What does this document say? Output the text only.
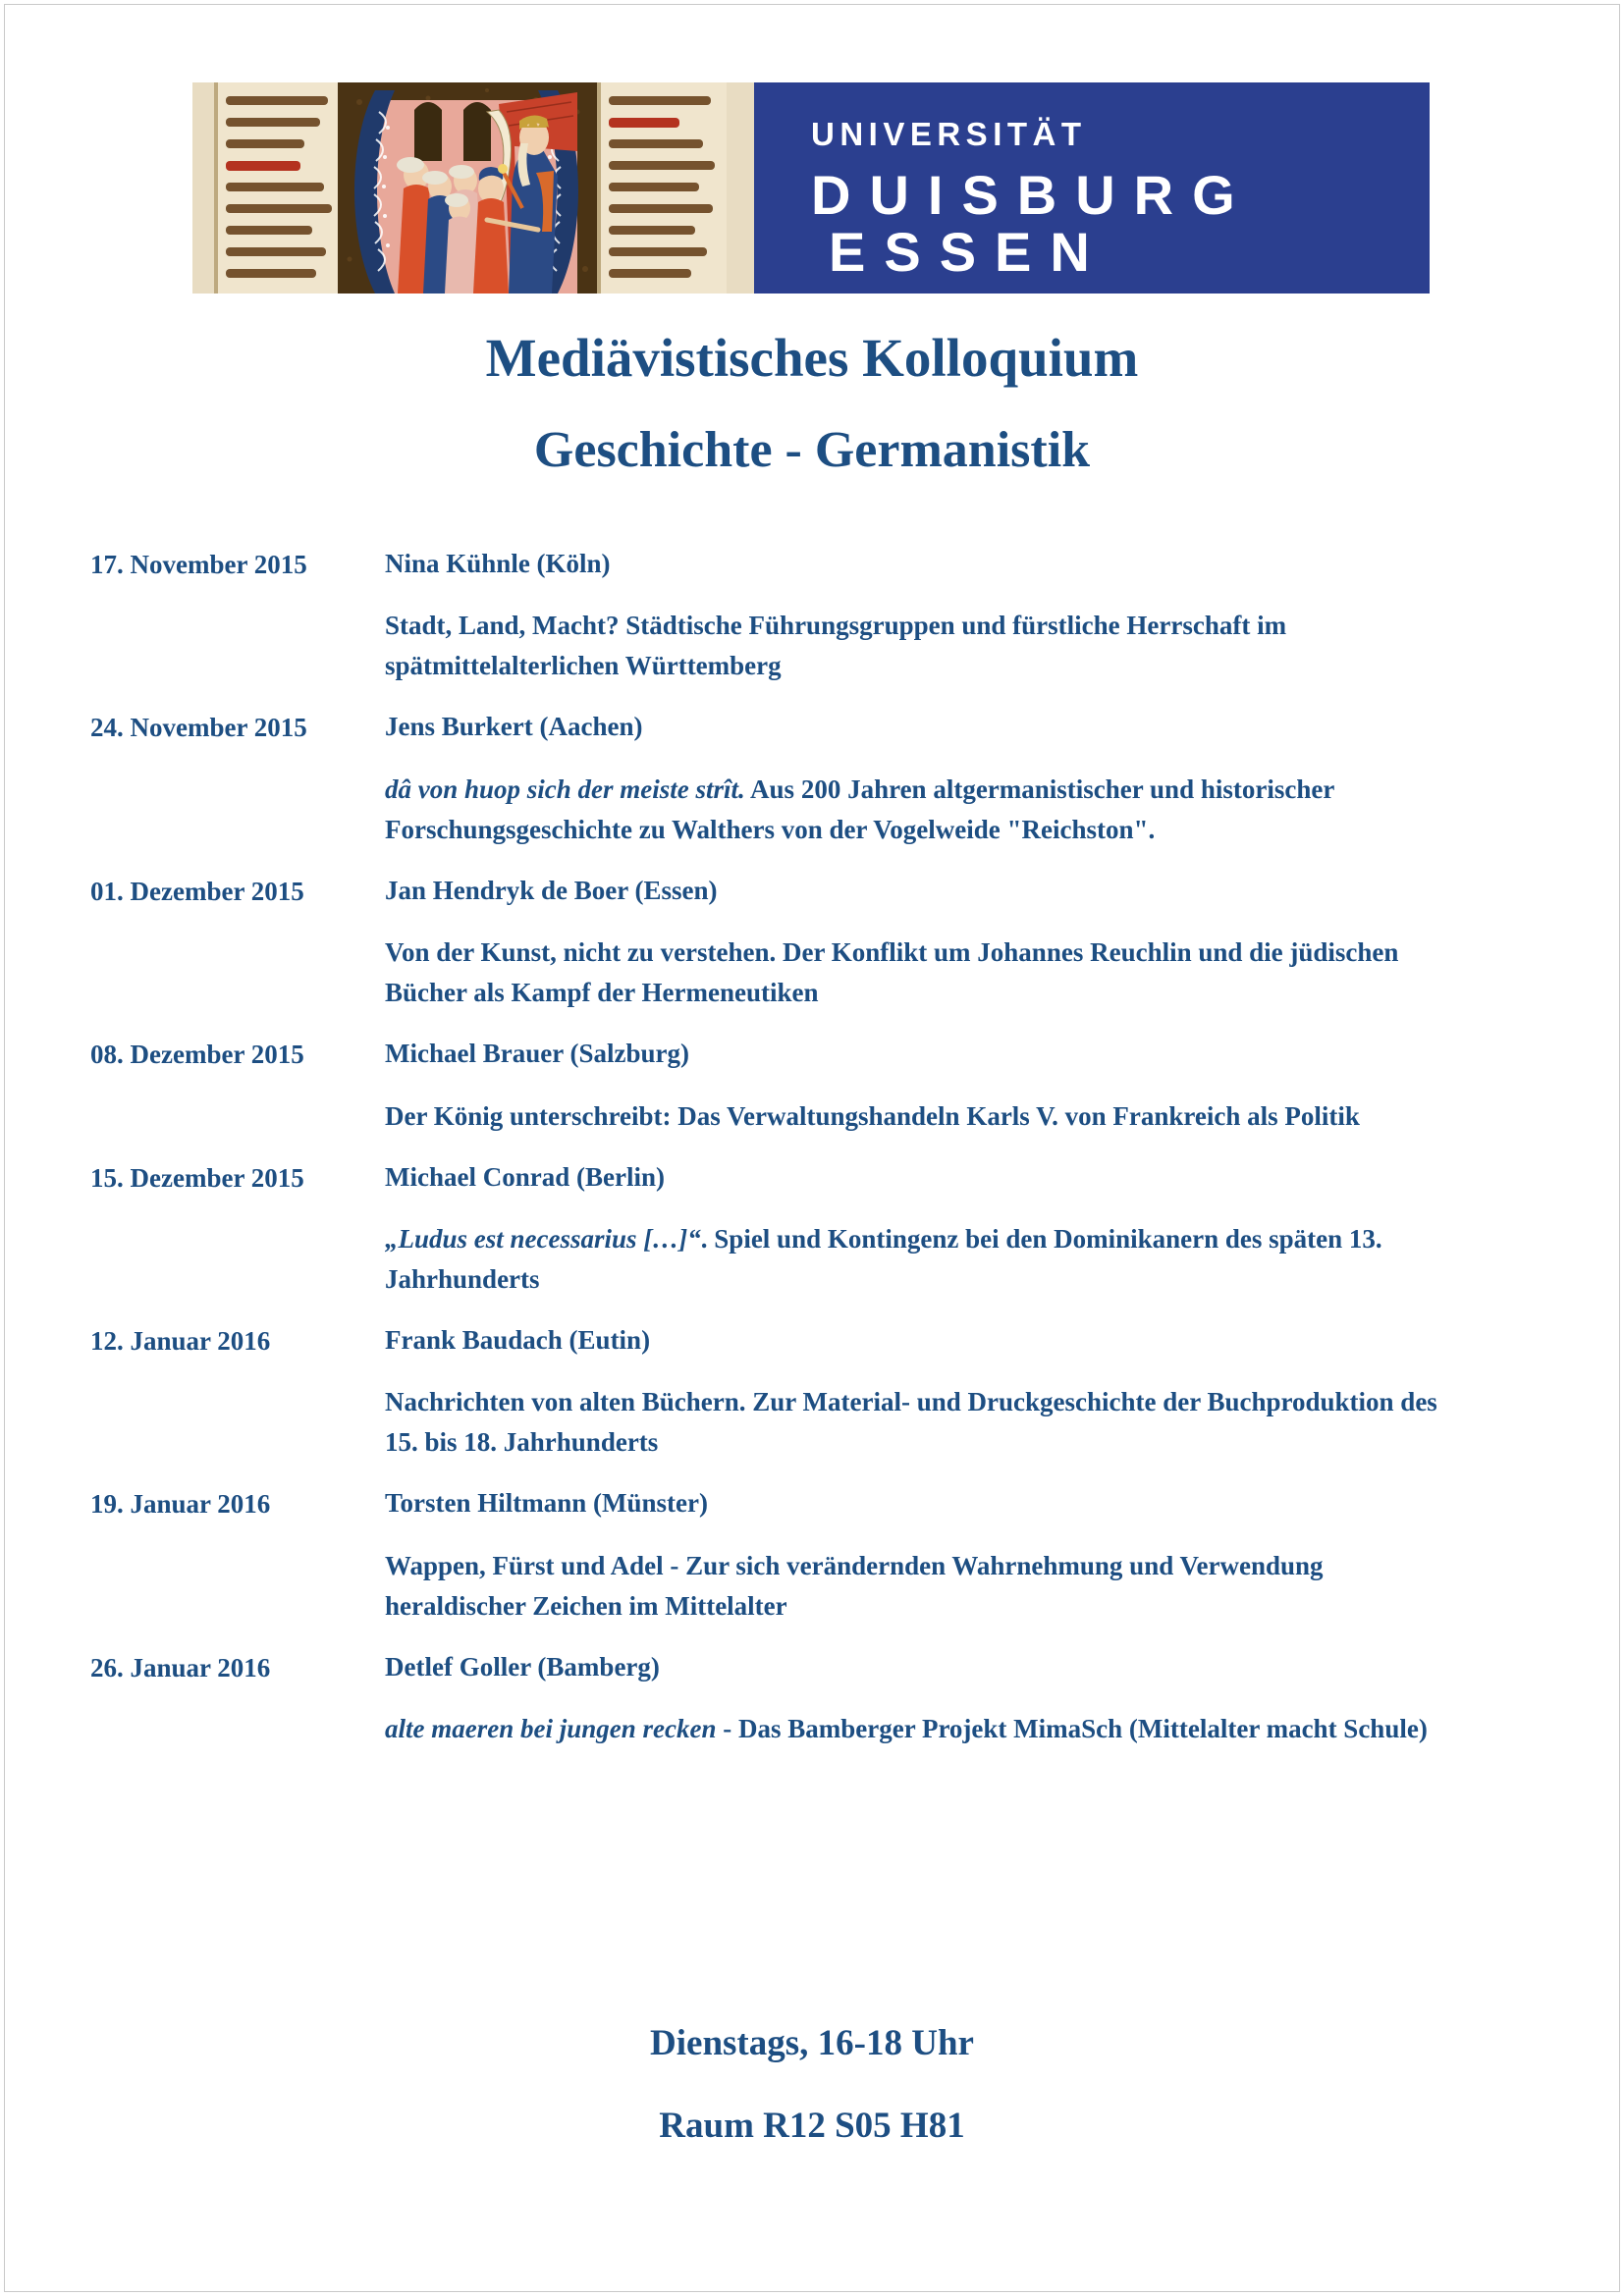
UNIVERSITÄT
DUISBURG
ESSEN
Mediävistisches Kolloquium
Geschichte - Germanistik
17. November 2015	Nina Kühnle (Köln)
Stadt, Land, Macht? Städtische Führungsgruppen und fürstliche Herrschaft im spätmittelalterlichen Württemberg
24. November 2015	Jens Burkert (Aachen)
dâ von huop sich der meiste strît. Aus 200 Jahren altgermanistischer und historischer Forschungsgeschichte zu Walthers von der Vogelweide "Reichston".
01. Dezember 2015	Jan Hendryk de Boer (Essen)
Von der Kunst, nicht zu verstehen. Der Konflikt um Johannes Reuchlin und die jüdischen Bücher als Kampf der Hermeneutiken
08. Dezember 2015	Michael Brauer (Salzburg)
Der König unterschreibt: Das Verwaltungshandeln Karls V. von Frankreich als Politik
15. Dezember 2015	Michael Conrad (Berlin)
„Ludus est necessarius […]“. Spiel und Kontingenz bei den Dominikanern des späten 13. Jahrhunderts
12. Januar 2016	Frank Baudach (Eutin)
Nachrichten von alten Büchern. Zur Material- und Druckgeschichte der Buchproduktion des 15. bis 18. Jahrhunderts
19. Januar 2016	Torsten Hiltmann (Münster)
Wappen, Fürst und Adel - Zur sich verändernden Wahrnehmung und Verwendung heraldischer Zeichen im Mittelalter
26. Januar 2016	Detlef Goller (Bamberg)
alte maeren bei jungen recken - Das Bamberger Projekt MimaSch (Mittelalter macht Schule)
Dienstags, 16-18 Uhr
Raum R12 S05 H81
